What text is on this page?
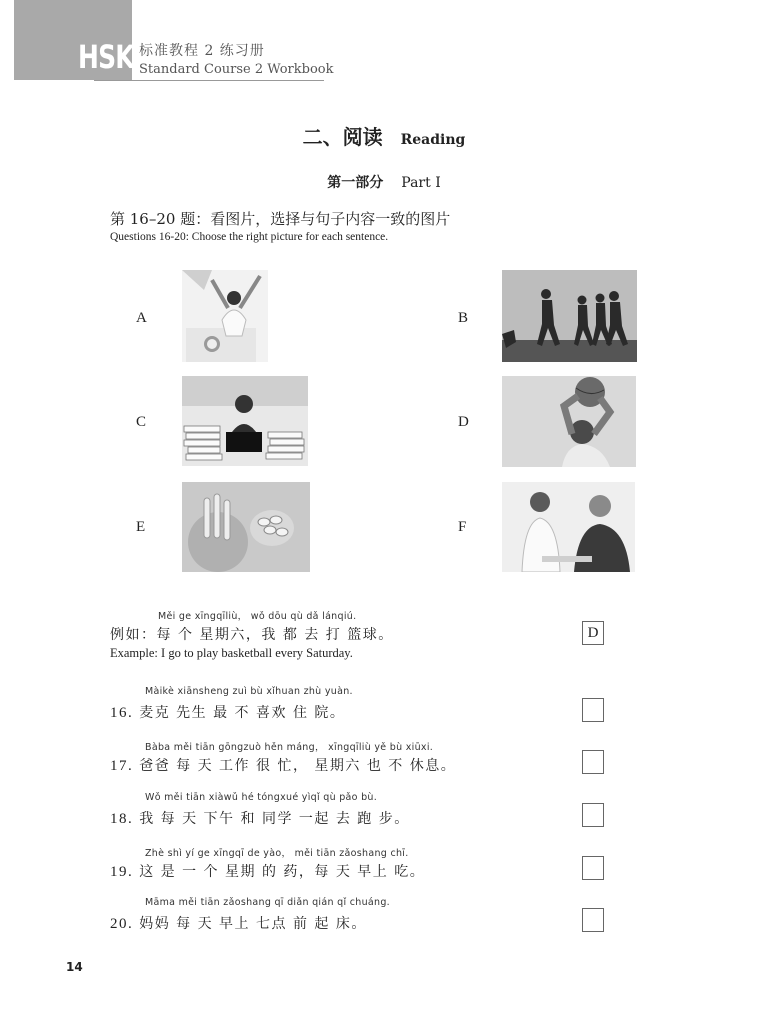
HSK 标准教程 2 练习册
Standard Course 2 Workbook
二、阅读 Reading
第一部分 Part Ⅰ
第 16–20 题：看图片，选择与句子内容一致的图片
Questions 16-20: Choose the right picture for each sentence.
A	B
C	D
E	F
Měi ge xīngqīliù， wǒ dōu qù dǎ lánqiú.
例如：每 个 星期六，我 都 去 打 篮球。
Example: I go to play basketball every Saturday.
D
Màikè xiānsheng zuì bù xǐhuan zhù yuàn.
16. 麦克 先生 最 不 喜欢 住 院。
Bàba měi tiān gōngzuò hěn máng， xīngqīliù yě bù xiūxi.
17. 爸爸 每 天 工作 很 忙， 星期六 也 不 休息。
Wǒ měi tiān xiàwǔ hé tóngxué yìqǐ qù pǎo bù.
18. 我 每 天 下午 和 同学 一起 去 跑 步。
Zhè shì yí ge xīngqī de yào， měi tiān zǎoshang chī.
19. 这 是 一 个 星期 的 药，每 天 早上 吃。
Māma měi tiān zǎoshang qī diǎn qián qǐ chuáng.
20. 妈妈 每 天 早上 七点 前 起 床。
14
